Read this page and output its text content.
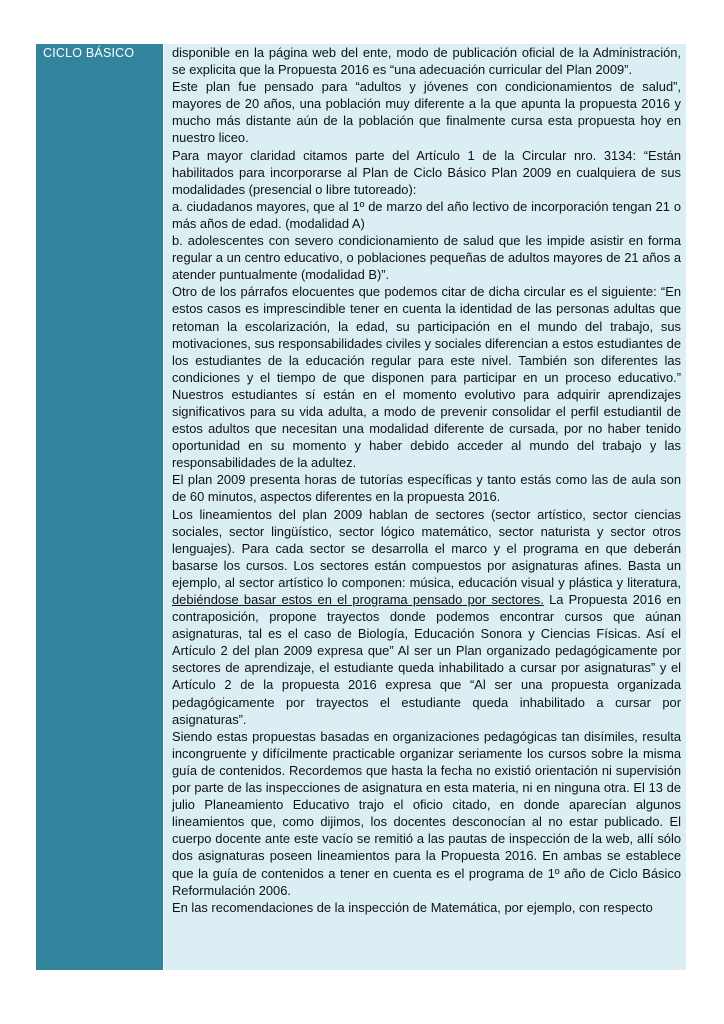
CICLO BÁSICO	disponible en la página web del ente, modo de publicación oficial de la Administración, se explicita que la Propuesta 2016 es “una adecuación curricular del Plan 2009”.

Este plan fue pensado para “adultos y jóvenes con condicionamientos de salud”, mayores de 20 años, una población muy diferente a la que apunta la propuesta 2016 y mucho más distante aún de la población que finalmente cursa esta propuesta hoy en nuestro liceo.

Para mayor claridad citamos parte del Artículo 1 de la Circular nro. 3134: “Están habilitados para incorporarse al Plan de Ciclo Básico Plan 2009 en cualquiera de sus modalidades (presencial o libre tutoreado):

a. ciudadanos mayores, que al 1º de marzo del año lectivo de incorporación tengan 21 o más años de edad. (modalidad A)

b. adolescentes con severo condicionamiento de salud que les impide asistir en forma regular a un centro educativo, o poblaciones pequeñas de adultos mayores de 21 años a atender puntualmente (modalidad B)”.

Otro de los párrafos elocuentes que podemos citar de dicha circular es el siguiente: “En estos casos es imprescindible tener en cuenta la identidad de las personas adultas que retoman la escolarización, la edad, su participación en el mundo del trabajo, sus motivaciones, sus responsabilidades civiles y sociales diferencian a estos estudiantes de los estudiantes de la educación regular para este nivel. También son diferentes las condiciones y el tiempo de que disponen para participar en un proceso educativo.” Nuestros estudiantes sí están en el momento evolutivo para adquirir aprendizajes significativos para su vida adulta, a modo de prevenir consolidar el perfil estudiantil de estos adultos que necesitan una modalidad diferente de cursada, por no haber tenido oportunidad en su momento y haber debido acceder al mundo del trabajo y las responsabilidades de la adultez.

El plan 2009 presenta horas de tutorías específicas y tanto estás como las de aula son de 60 minutos, aspectos diferentes en la propuesta 2016.

Los lineamientos del plan 2009 hablan de sectores (sector artístico, sector ciencias sociales, sector lingüístico, sector lógico matemático, sector naturista y sector otros lenguajes). Para cada sector se desarrolla el marco y el programa en que deberán basarse los cursos. Los sectores están compuestos por asignaturas afines. Basta un ejemplo, al sector artístico lo componen: música, educación visual y plástica y literatura, debiéndose basar estos en el programa pensado por sectores. La Propuesta 2016 en contraposición, propone trayectos donde podemos encontrar cursos que aúnan asignaturas, tal es el caso de Biología, Educación Sonora y Ciencias Físicas. Así el Artículo 2 del plan 2009 expresa que” Al ser un Plan organizado pedagógicamente por sectores de aprendizaje, el estudiante queda inhabilitado a cursar por asignaturas” y el Artículo 2 de la propuesta 2016 expresa que “Al ser una propuesta organizada pedagógicamente por trayectos el estudiante queda inhabilitado a cursar por asignaturas”.

Siendo estas propuestas basadas en organizaciones pedagógicas tan disímiles, resulta incongruente y difícilmente practicable organizar seriamente los cursos sobre la misma guía de contenidos. Recordemos que hasta la fecha no existió orientación ni supervisión por parte de las inspecciones de asignatura en esta materia, ni en ninguna otra. El 13 de julio Planeamiento Educativo trajo el oficio citado, en donde aparecían algunos lineamientos que, como dijimos, los docentes desconocían al no estar publicado. El cuerpo docente ante este vacío se remitió a las pautas de inspección de la web, allí sólo dos asignaturas poseen lineamientos para la Propuesta 2016. En ambas se establece que la guía de contenidos a tener en cuenta es el programa de 1º año de Ciclo Básico Reformulación 2006.

En las recomendaciones de la inspección de Matemática, por ejemplo, con respecto
